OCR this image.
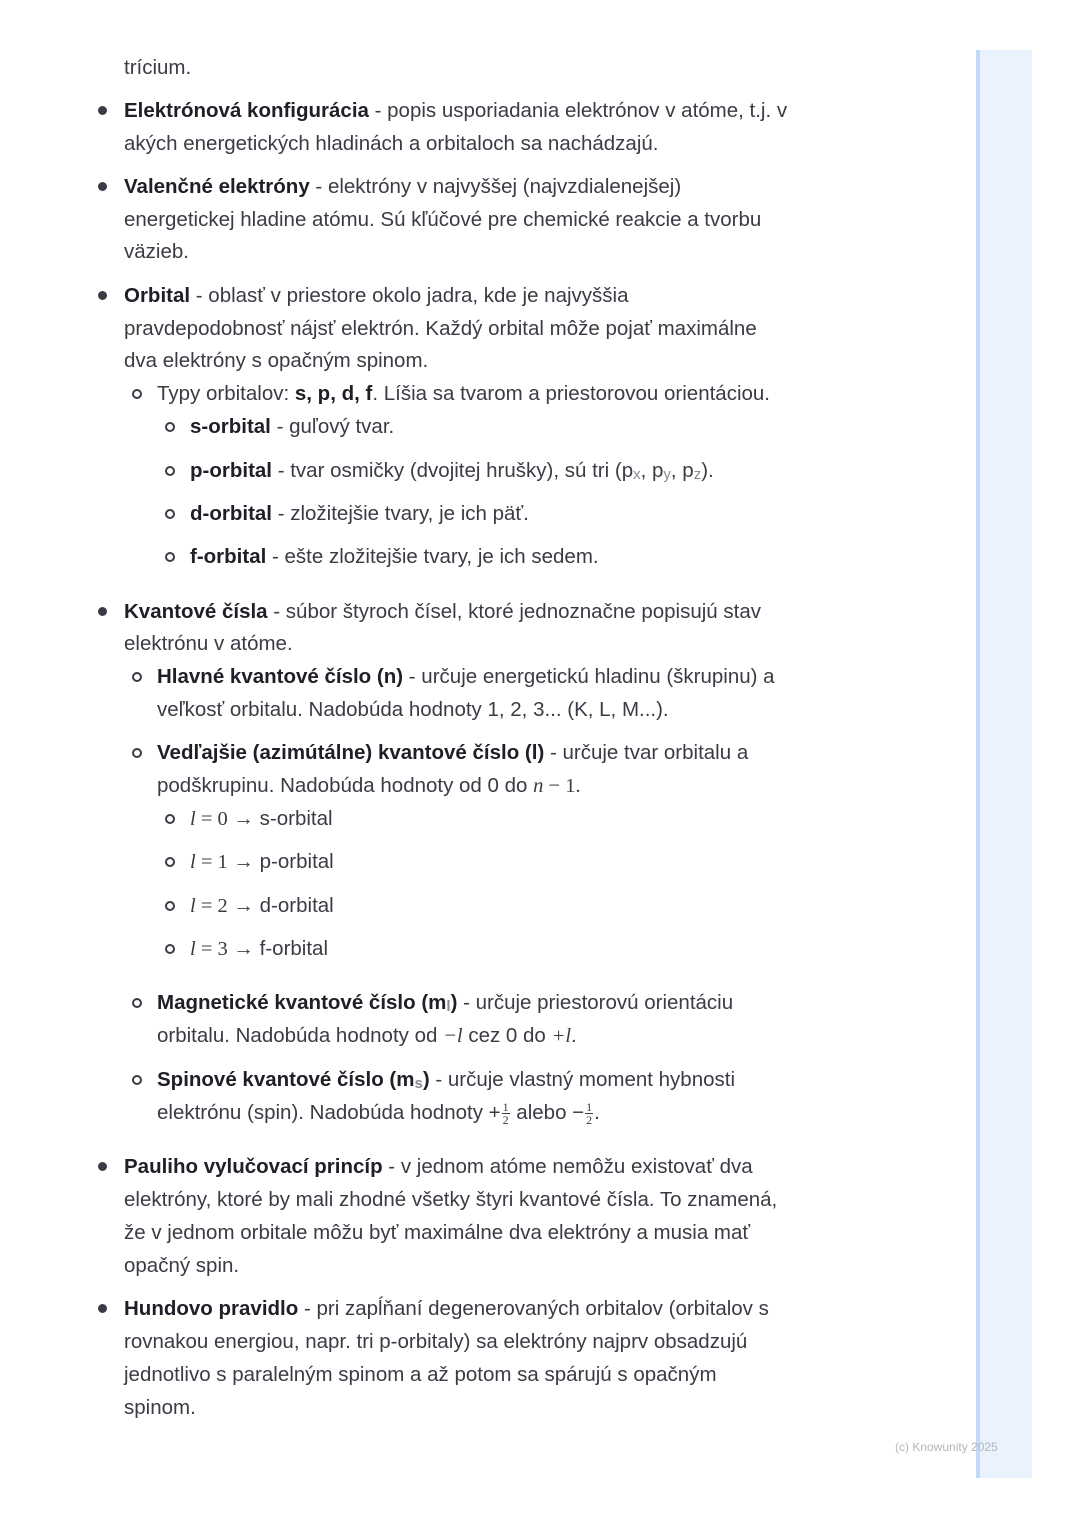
trícium.
Elektrónová konfigurácia - popis usporiadania elektrónov v atóme, t.j. v
akých energetických hladinách a orbitaloch sa nachádzajú.
Valenčné elektróny - elektróny v najvyššej (najvzdialenejšej)
energetickej hladine atómu. Sú kľúčové pre chemické reakcie a tvorbu
väzieb.
Orbital - oblasť v priestore okolo jadra, kde je najvyššia
pravdepodobnosť nájsť elektrón. Každý orbital môže pojať maximálne
dva elektróny s opačným spinom.
Typy orbitalov: s, p, d, f. Líšia sa tvarom a priestorovou orientáciou.
s-orbital - guľový tvar.
p-orbital - tvar osmičky (dvojitej hrušky), sú tri (px, py, pz).
d-orbital - zložitejšie tvary, je ich päť.
f-orbital - ešte zložitejšie tvary, je ich sedem.
Kvantové čísla - súbor štyroch čísel, ktoré jednoznačne popisujú stav
elektrónu v atóme.
Hlavné kvantové číslo (n) - určuje energetickú hladinu (škrupinu) a
veľkosť orbitalu. Nadobúda hodnoty 1, 2, 3... (K, L, M...).
Vedľajšie (azimútálne) kvantové číslo (l) - určuje tvar orbitalu a
podškrupinu. Nadobúda hodnoty od 0 do n − 1.
l = 0 → s-orbital
l = 1 → p-orbital
l = 2 → d-orbital
l = 3 → f-orbital
Magnetické kvantové číslo (ml) - určuje priestorovú orientáciu
orbitalu. Nadobúda hodnoty od −l cez 0 do +l.
Spinové kvantové číslo (ms) - určuje vlastný moment hybnosti
elektrónu (spin). Nadobúda hodnoty + $\frac{1}{2}$ alebo − $\frac{1}{2}$ .
Pauliho vylučovací princíp - v jednom atóme nemôžu existovať dva
elektróny, ktoré by mali zhodné všetky štyri kvantové čísla. To znamená,
že v jednom orbitale môžu byť maximálne dva elektróny a musia mať
opačný spin.
Hundovo pravidlo - pri zapĺňaní degenerovaných orbitalov (orbitalov s
rovnakou energiou, napr. tri p-orbitaly) sa elektróny najprv obsadzujú
jednotlivo s paralelným spinom a až potom sa spárujú s opačným
spinom.
(c) Knowunity 2025
